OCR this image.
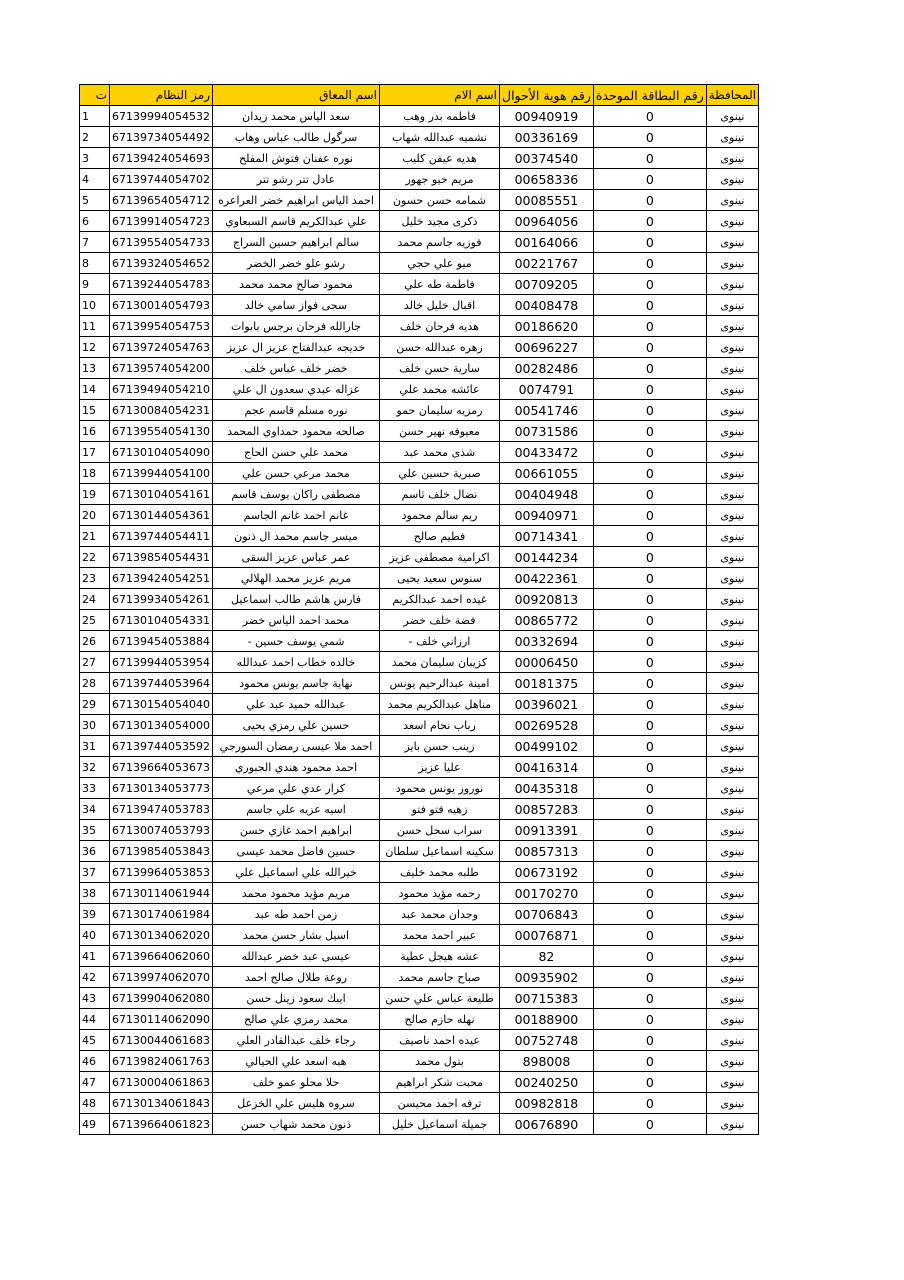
ت	رمز النظام	اسم المعاق	اسم الام	رقم هوية الأحوال	رقم البطاقة الموحدة	المحافظة
1	67139994054532	سعد الياس محمد زيدان	فاطمه بدر وهب	00940919	0	نينوى
2	67139734054492	سرگول طالب عباس وهاب	نشميه عبدالله شهاب	00336169	0	نينوى
3	67139424054693	نوره عفنان فتوش المفلح	هديه عيفن كليب	00374540	0	نينوى
4	67139744054702	عادل تتر رشو تتر	مريم خيو جهور	00658336	0	نينوى
5	67139654054712	احمد الياس ابراهيم خضر العراعره	شمامه حسن حسون	00085551	0	نينوى
6	67139914054723	علي عبدالكريم قاسم السبعاوي	ذكرى مجيد خليل	00964056	0	نينوى
7	67139554054733	سالم ابراهيم حسين السراج	فوزيه جاسم محمد	00164066	0	نينوى
8	67139324054652	رشو علو خضر الخضر	ميو علي حجي	00221767	0	نينوى
9	67139244054783	محمود صالح محمد محمد	فاطمة طه علي	00709205	0	نينوى
10	67130014054793	سجى فواز سامي خالد	اقبال خليل خالد	00408478	0	نينوى
11	67139954054753	جارالله فرحان برجس بابوات	هديه فرحان خلف	00186620	0	نينوى
12	67139724054763	خديجه عبدالفتاح عزيز ال عزيز	زهره عبدالله حسن	00696227	0	نينوى
13	67139574054200	خضر خلف عباس خلف	سارية حسن خلف	00282486	0	نينوى
14	67139494054210	غزاله عبدي سعدون ال علي	عائشه محمد علي	0074791	0	نينوى
15	67130084054231	نوره مسلم قاسم عجم	رمزيه سليمان حمو	00541746	0	نينوى
16	67139554054130	صالحه محمود حمداوي المحمد	معيوفه نهير حسن	00731586	0	نينوى
17	67130104054090	محمد علي حسن الحاج	شذى محمد عبد	00433472	0	نينوى
18	67139944054100	محمد مرعي حسن علي	صبرية حسين علي	00661055	0	نينوى
19	67130104054161	مصطفى راكان يوسف قاسم	نضال خلف ثاسم	00404948	0	نينوى
20	67130144054361	غانم احمد غانم الجاسم	ريم سالم محمود	00940971	0	نينوى
21	67139744054411	ميسر جاسم محمد ال ذنون	فطيم صالح	00714341	0	نينوى
22	67139854054431	عمر عباس عزيز السقى	اكرامية مصطفى عزيز	00144234	0	نينوى
23	67139424054251	مريم عزيز محمد الهلالي	سنوس سعيد يحيى	00422361	0	نينوى
24	67139934054261	فارس هاشم طالب اسماعيل	غيده احمد عبدالكريم	00920813	0	نينوى
25	67130104054331	محمد احمد الياس خضر	فضة خلف خضر	00865772	0	نينوى
26	67139454053884	شمي يوسف حسين -	ارزاني خلف -	00332694	0	نينوى
27	67139944053954	خالده خطاب احمد عبدالله	كزيبان سليمان محمد	00006450	0	نينوى
28	67139744053964	نهاية جاسم يونس محمود	امينة عبدالرحيم يونس	00181375	0	نينوى
29	67130154054040	عبدالله حميد عبد علي	مناهل عبدالكريم محمد	00396021	0	نينوى
30	67130134054000	حسين علي رمزي يحيى	رباب نحام اسعد	00269528	0	نينوى
31	67139744053592	احمد ملا عيسى رمضان السورجي	زينب حسن بايز	00499102	0	نينوى
32	67139664053673	احمد محمود هندي الجبوري	عليا عزيز	00416314	0	نينوى
33	67130134053773	كرار عدي علي مرعي	نوروز يونس محمود	00435318	0	نينوى
34	67139474053783	اسيه عزيه علي جاسم	زهيه فتو فتو	00857283	0	نينوى
35	67130074053793	ابراهيم احمد غازي حسن	سراب سحل حسن	00913391	0	نينوى
36	67139854053843	حسين فاضل محمد عيسى	سكينه اسماعيل سلطان	00857313	0	نينوى
37	67139964053853	خيرالله علي اسماعيل علي	طلبه محمد خليف	00673192	0	نينوى
38	67130114061944	مريم مؤيد محمود محمد	رحمه مؤيد محمود	00170270	0	نينوى
39	67130174061984	زمن احمد طه عبد	وجدان محمد عبد	00706843	0	نينوى
40	67130134062020	اسيل بشار حسن محمد	عبير احمد محمد	00076871	0	نينوى
41	67139664062060	عيسى عبد خضر عبدالله	عشه هيجل عطية	82	0	نينوى
42	67139974062070	روعة طلال صالح احمد	صباح جاسم محمد	00935902	0	نينوى
43	67139904062080	ايبك سعود زينل حسن	طليعة عباس علي حسن	00715383	0	نينوى
44	67130114062090	محمد رمزي علي صالح	نهله حازم صالح	00188900	0	نينوى
45	67130044061683	رجاء خلف عبدالقادر العلي	عيده احمد ناصيف	00752748	0	نينوى
46	67139824061763	هبه اسعد علي الحيالي	بتول محمد	898008	0	نينوى
47	67130004061863	حلا محلو عمو خلف	محبت شكر ابراهيم	00240250	0	نينوى
48	67130134061843	سروه هليس علي الخزعل	ترفه احمد محيسن	00982818	0	نينوى
49	67139664061823	ذنون محمد شهاب حسن	جميلة اسماعيل خليل	00676890	0	نينوى
